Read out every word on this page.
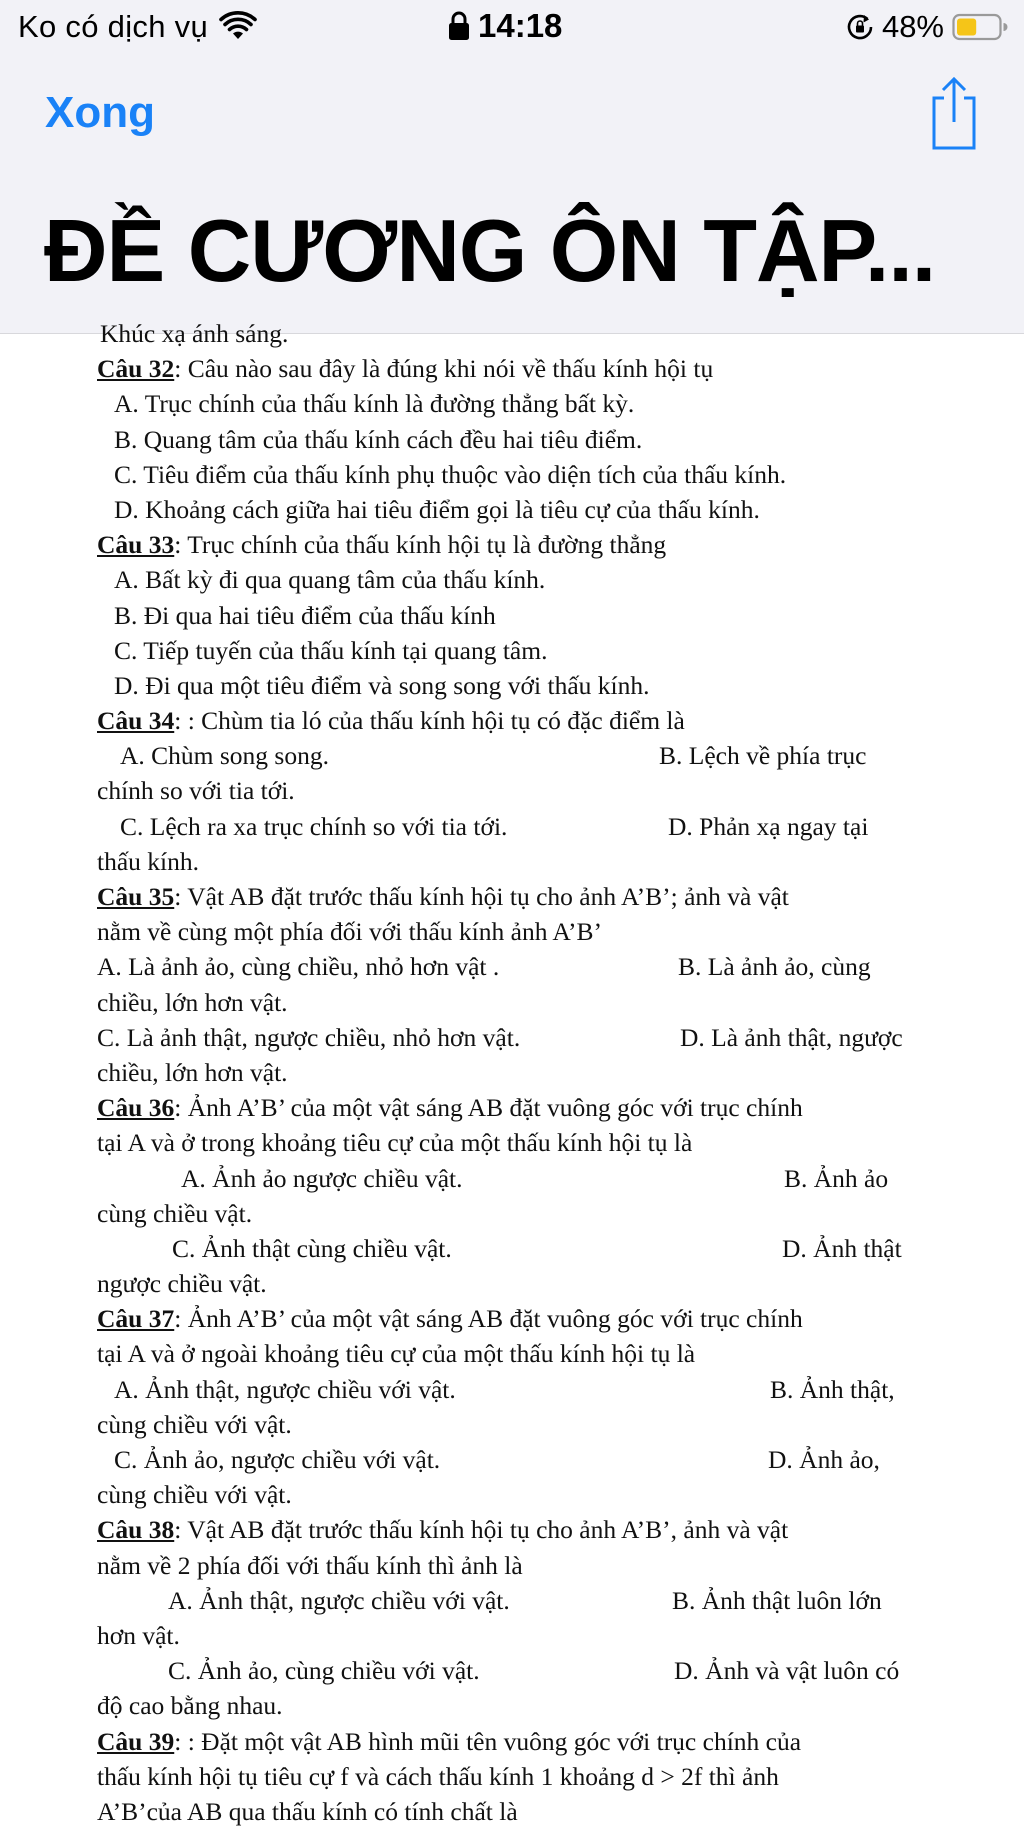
Ko có dịch vụ	14:18	48%
Xong
ĐỀ CƯƠNG ÔN TẬP...
Khúc xạ ánh sáng.
Câu 32: Câu nào sau đây là đúng khi nói về thấu kính hội tụ
A. Trục chính của thấu kính là đường thẳng bất kỳ.
B. Quang tâm của thấu kính cách đều hai tiêu điểm.
C. Tiêu điểm của thấu kính phụ thuộc vào diện tích của thấu kính.
D. Khoảng cách giữa hai tiêu điểm gọi là tiêu cự của thấu kính.
Câu 33: Trục chính của thấu kính hội tụ là đường thẳng
A. Bất kỳ đi qua quang tâm của thấu kính.
B. Đi qua hai tiêu điểm của thấu kính
C. Tiếp tuyến của thấu kính tại quang tâm.
D. Đi qua một tiêu điểm và song song với thấu kính.
Câu 34: : Chùm tia ló của thấu kính hội tụ có đặc điểm là
A. Chùm song song.	B. Lệch về phía trục
chính so với tia tới.
C. Lệch ra xa trục chính so với tia tới.	D. Phản xạ ngay tại
thấu kính.
Câu 35: Vật AB đặt trước thấu kính hội tụ cho ảnh A’B’; ảnh và vật
nằm về cùng một phía đối với thấu kính ảnh A’B’
A. Là ảnh ảo, cùng chiều, nhỏ hơn vật .	B. Là ảnh ảo, cùng
chiều, lớn hơn vật.
C. Là ảnh thật, ngược chiều, nhỏ hơn vật.	D. Là ảnh thật, ngược
chiều, lớn hơn vật.
Câu 36: Ảnh A’B’ của một vật sáng AB đặt vuông góc với trục chính
tại A và ở trong khoảng tiêu cự của một thấu kính hội tụ là
A. Ảnh ảo ngược chiều vật.	B. Ảnh ảo
cùng chiều vật.
C. Ảnh thật cùng chiều vật.	D. Ảnh thật
ngược chiều vật.
Câu 37: Ảnh A’B’ của một vật sáng AB đặt vuông góc với trục chính
tại A và ở ngoài khoảng tiêu cự của một thấu kính hội tụ là
A. Ảnh thật, ngược chiều với vật.	B. Ảnh thật,
cùng chiều với vật.
C. Ảnh ảo, ngược chiều với vật.	D. Ảnh ảo,
cùng chiều với vật.
Câu 38: Vật AB đặt trước thấu kính hội tụ cho ảnh A’B’, ảnh và vật
nằm về 2 phía đối với thấu kính thì ảnh là
A. Ảnh thật, ngược chiều với vật.	B. Ảnh thật luôn lớn
hơn vật.
C. Ảnh ảo, cùng chiều với vật.	D. Ảnh và vật luôn có
độ cao bằng nhau.
Câu 39: : Đặt một vật AB hình mũi tên vuông góc với trục chính của
thấu kính hội tụ tiêu cự f và cách thấu kính 1 khoảng d > 2f thì ảnh
A’B’của AB qua thấu kính có tính chất là
